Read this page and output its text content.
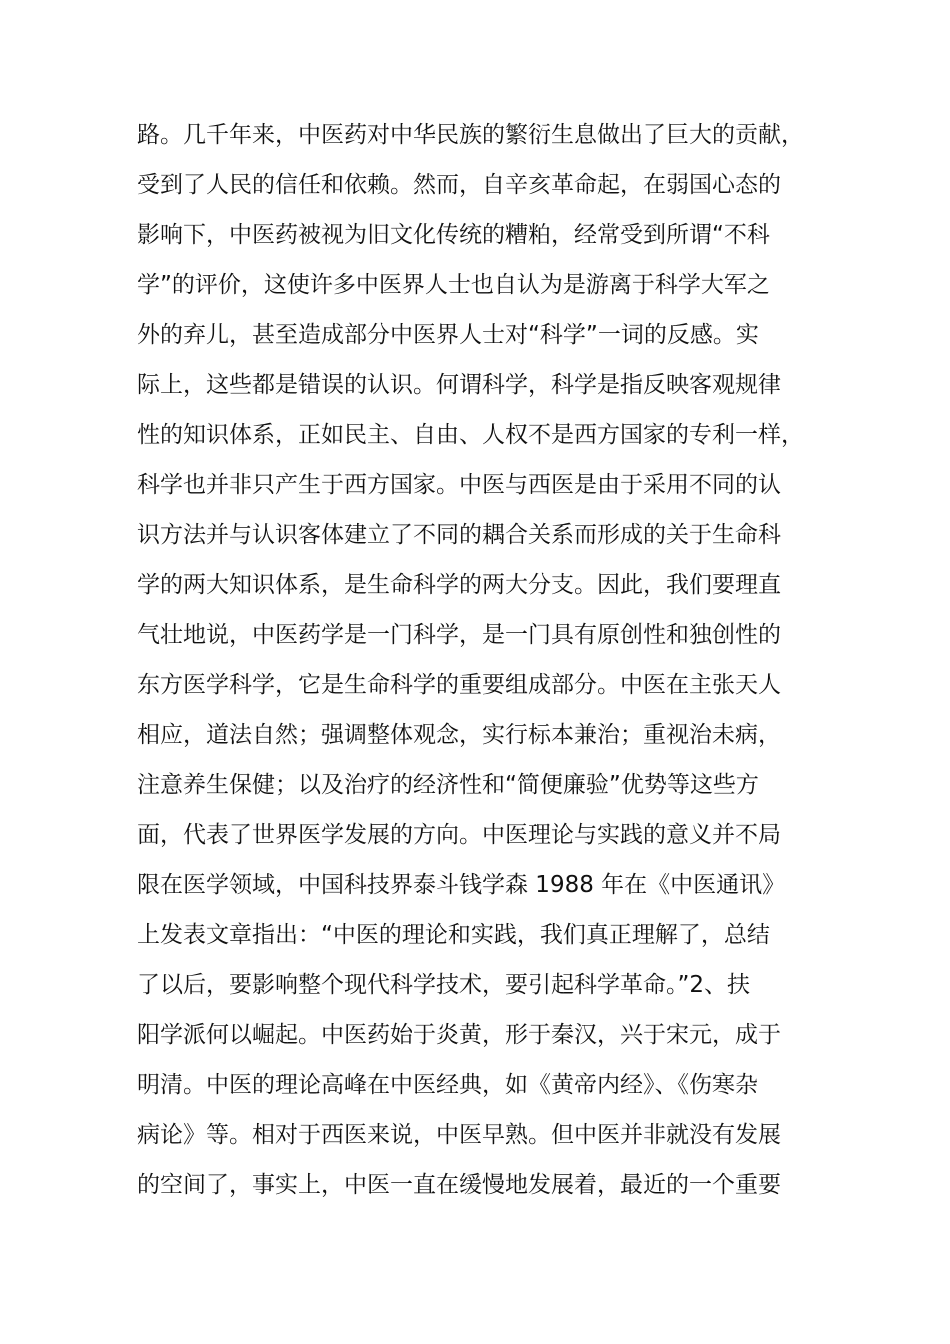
路。几千年来，中医药对中华民族的繁衍生息做出了巨大的贡献，
受到了人民的信任和依赖。然而，自辛亥革命起，在弱国心态的
影响下，中医药被视为旧文化传统的糟粕，经常受到所谓“不科
学”的评价，这使许多中医界人士也自认为是游离于科学大军之
外的弃儿，甚至造成部分中医界人士对“科学”一词的反感。实
际上，这些都是错误的认识。何谓科学，科学是指反映客观规律
性的知识体系，正如民主、自由、人权不是西方国家的专利一样，
科学也并非只产生于西方国家。中医与西医是由于采用不同的认
识方法并与认识客体建立了不同的耦合关系而形成的关于生命科
学的两大知识体系，是生命科学的两大分支。因此，我们要理直
气壮地说，中医药学是一门科学，是一门具有原创性和独创性的
东方医学科学，它是生命科学的重要组成部分。中医在主张天人
相应，道法自然；强调整体观念，实行标本兼治；重视治未病，
注意养生保健；以及治疗的经济性和“简便廉验”优势等这些方
面，代表了世界医学发展的方向。中医理论与实践的意义并不局
限在医学领域，中国科技界泰斗钱学森 1988 年在《中医通讯》
上发表文章指出：“中医的理论和实践，我们真正理解了，总结
了以后，要影响整个现代科学技术，要引起科学革命。”2、扶
阳学派何以崛起。中医药始于炎黄，形于秦汉，兴于宋元，成于
明清。中医的理论高峰在中医经典，如《黄帝内经》、《伤寒杂
病论》等。相对于西医来说，中医早熟。但中医并非就没有发展
的空间了，事实上，中医一直在缓慢地发展着，最近的一个重要
